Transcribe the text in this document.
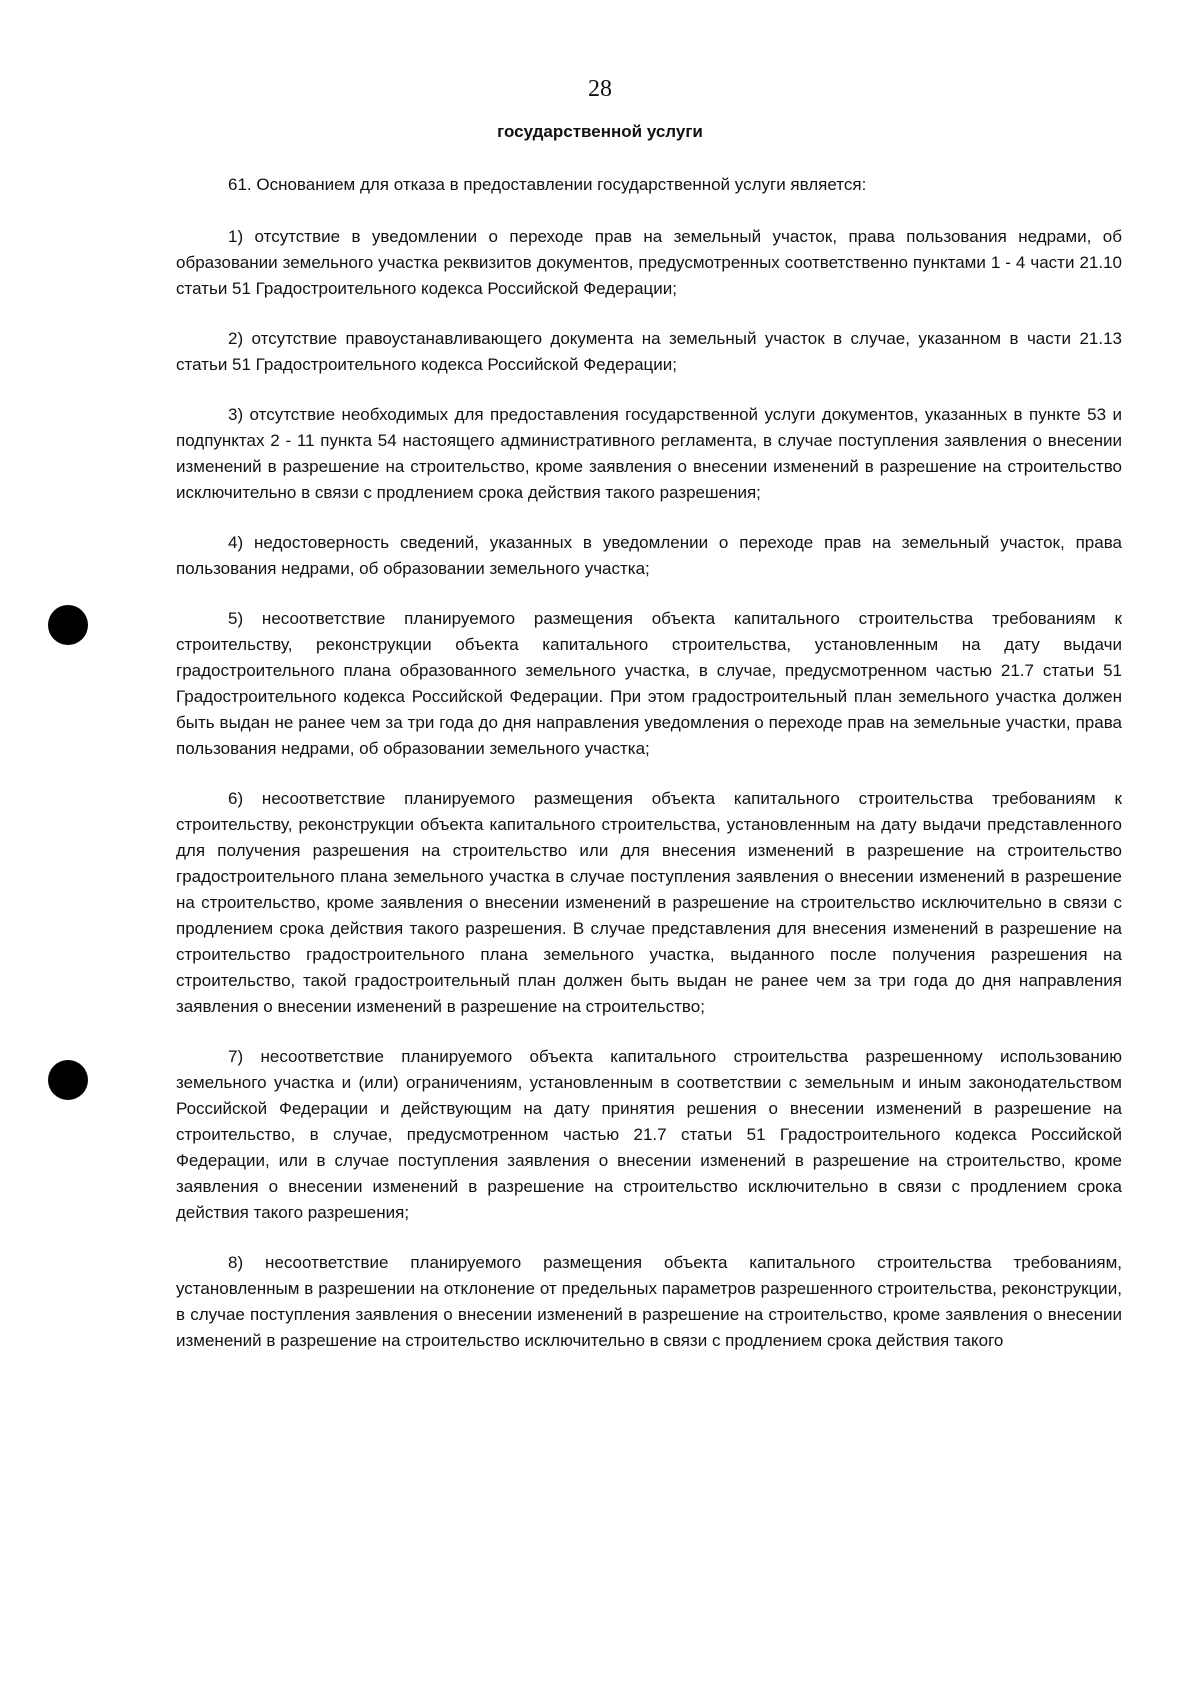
28
государственной услуги

61. Основанием для отказа в предоставлении государственной услуги является:

1) отсутствие в уведомлении о переходе прав на земельный участок, права пользования недрами, об образовании земельного участка реквизитов документов, предусмотренных соответственно пунктами 1 - 4 части 21.10 статьи 51 Градостроительного кодекса Российской Федерации;

2) отсутствие правоустанавливающего документа на земельный участок в случае, указанном в части 21.13 статьи 51 Градостроительного кодекса Российской Федерации;

3) отсутствие необходимых для предоставления государственной услуги документов, указанных в пункте 53 и подпунктах 2 - 11 пункта 54 настоящего административного регламента, в случае поступления заявления о внесении изменений в разрешение на строительство, кроме заявления о внесении изменений в разрешение на строительство исключительно в связи с продлением срока действия такого разрешения;

4) недостоверность сведений, указанных в уведомлении о переходе прав на земельный участок, права пользования недрами, об образовании земельного участка;

5) несоответствие планируемого размещения объекта капитального строительства требованиям к строительству, реконструкции объекта капитального строительства, установленным на дату выдачи градостроительного плана образованного земельного участка, в случае, предусмотренном частью 21.7 статьи 51 Градостроительного кодекса Российской Федерации. При этом градостроительный план земельного участка должен быть выдан не ранее чем за три года до дня направления уведомления о переходе прав на земельные участки, права пользования недрами, об образовании земельного участка;

6) несоответствие планируемого размещения объекта капитального строительства требованиям к строительству, реконструкции объекта капитального строительства, установленным на дату выдачи представленного для получения разрешения на строительство или для внесения изменений в разрешение на строительство градостроительного плана земельного участка в случае поступления заявления о внесении изменений в разрешение на строительство, кроме заявления о внесении изменений в разрешение на строительство исключительно в связи с продлением срока действия такого разрешения. В случае представления для внесения изменений в разрешение на строительство градостроительного плана земельного участка, выданного после получения разрешения на строительство, такой градостроительный план должен быть выдан не ранее чем за три года до дня направления заявления о внесении изменений в разрешение на строительство;

7) несоответствие планируемого объекта капитального строительства разрешенному использованию земельного участка и (или) ограничениям, установленным в соответствии с земельным и иным законодательством Российской Федерации и действующим на дату принятия решения о внесении изменений в разрешение на строительство, в случае, предусмотренном частью 21.7 статьи 51 Градостроительного кодекса Российской Федерации, или в случае поступления заявления о внесении изменений в разрешение на строительство, кроме заявления о внесении изменений в разрешение на строительство исключительно в связи с продлением срока действия такого разрешения;

8) несоответствие планируемого размещения объекта капитального строительства требованиям, установленным в разрешении на отклонение от предельных параметров разрешенного строительства, реконструкции, в случае поступления заявления о внесении изменений в разрешение на строительство, кроме заявления о внесении изменений в разрешение на строительство исключительно в связи с продлением срока действия такого
